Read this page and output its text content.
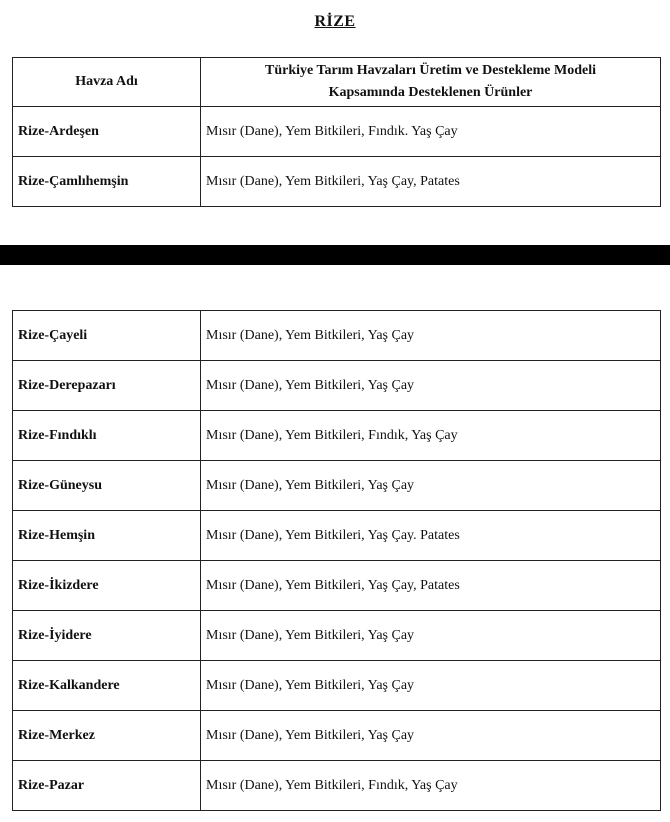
RİZE
Havza Adı	Türkiye Tarım Havzaları Üretim ve Destekleme Modeli
Kapsamında Desteklenen Ürünler

Rize-Ardeşen	Mısır (Dane), Yem Bitkileri, Fındık. Yaş Çay
Rize-Çamlıhemşin	Mısır (Dane), Yem Bitkileri, Yaş Çay, Patates
Rize-Çayeli	Mısır (Dane), Yem Bitkileri, Yaş Çay
Rize-Derepazarı	Mısır (Dane), Yem Bitkileri, Yaş Çay
Rize-Fındıklı	Mısır (Dane), Yem Bitkileri, Fındık, Yaş Çay
Rize-Güneysu	Mısır (Dane), Yem Bitkileri, Yaş Çay
Rize-Hemşin	Mısır (Dane), Yem Bitkileri, Yaş Çay. Patates
Rize-İkizdere	Mısır (Dane), Yem Bitkileri, Yaş Çay, Patates
Rize-İyidere	Mısır (Dane), Yem Bitkileri, Yaş Çay
Rize-Kalkandere	Mısır (Dane), Yem Bitkileri, Yaş Çay
Rize-Merkez	Mısır (Dane), Yem Bitkileri, Yaş Çay
Rize-Pazar	Mısır (Dane), Yem Bitkileri, Fındık, Yaş Çay
